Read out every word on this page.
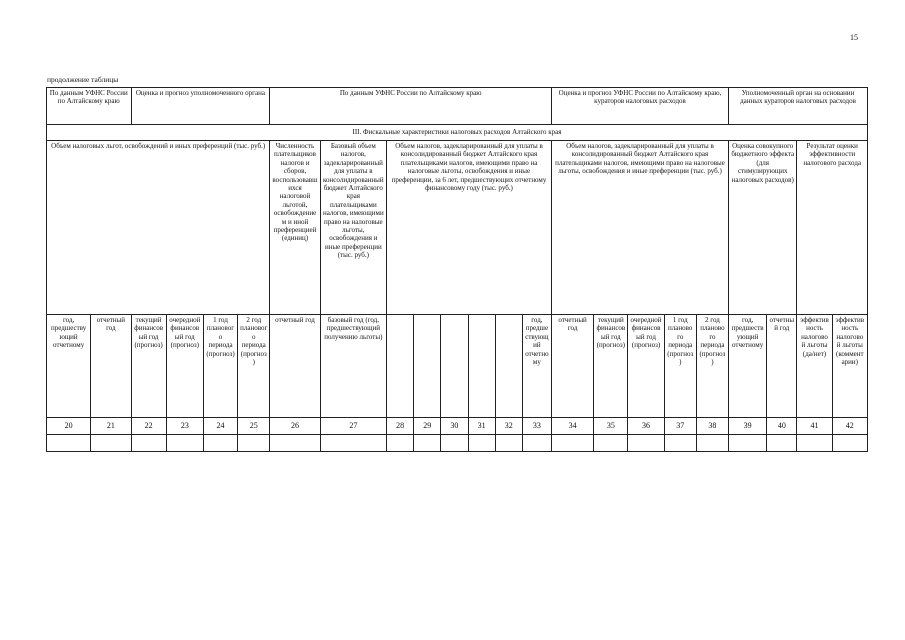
15
продолжение таблицы
По данным УФНС России по Алтайскому краю		Оценка и прогноз уполномоченного органа				По данным УФНС России по Алтайскому краю								Оценка и прогноз УФНС России по Алтайскому краю, кураторов налоговых расходов					Уполномоченный орган на основании данных кураторов налоговых расходов			
III. Фискальные характеристики налоговых расходов Алтайского края																						
Объем налоговых льгот, освобождений и иных преференций (тыс. руб.)						Численность плательщиков налогов и сборов, воспользовавшихся налоговой льготой, освобождением и иной преференцией (единиц)	Базовый объем налогов, задекларированный для уплаты в консолидированный бюджет Алтайского края плательщиками налогов, имеющими право на налоговые льготы, освобождения и иные преференции (тыс. руб.)	Объем налогов, задекларированный для уплаты в консолидированный бюджет Алтайского края плательщиками налогов, имеющими право на налоговые льготы, освобождения и иные преференции, за 6 лет, предшествующих отчетному финансовому году (тыс. руб.)						Объем налогов, задекларированный для уплаты в консолидированный бюджет Алтайского края плательщиками налогов, имеющими право на налоговые льготы, освобождения и иные преференции (тыс. руб.)					Оценка совокупного бюджетного эффекта (для стимулирующих налоговых расходов)		Результат оценки эффективности налогового расхода	
год, предшествующий отчетному	отчетный год	текущий финансовый год (прогноз)	очередной финансовый год (прогноз)	1 год планового периода (прогноз)	2 год планового периода (прогноз)	отчетный год	базовый год (год, предшествующий получению льготы)						год, предшествующий отчетному	отчетный год	текущий финансовый год (прогноз)	очередной финансовый год (прогноз)	1 год планового периода (прогноз)	2 год планового периода (прогноз)	год, предшествующий отчетному	отчетный год	эффективность налоговой льготы (да/нет)	эффективность налоговой льготы (комментарии)
20	21	22	23	24	25	26	27	28	29	30	31	32	33	34	35	36	37	38	39	40	41	42
